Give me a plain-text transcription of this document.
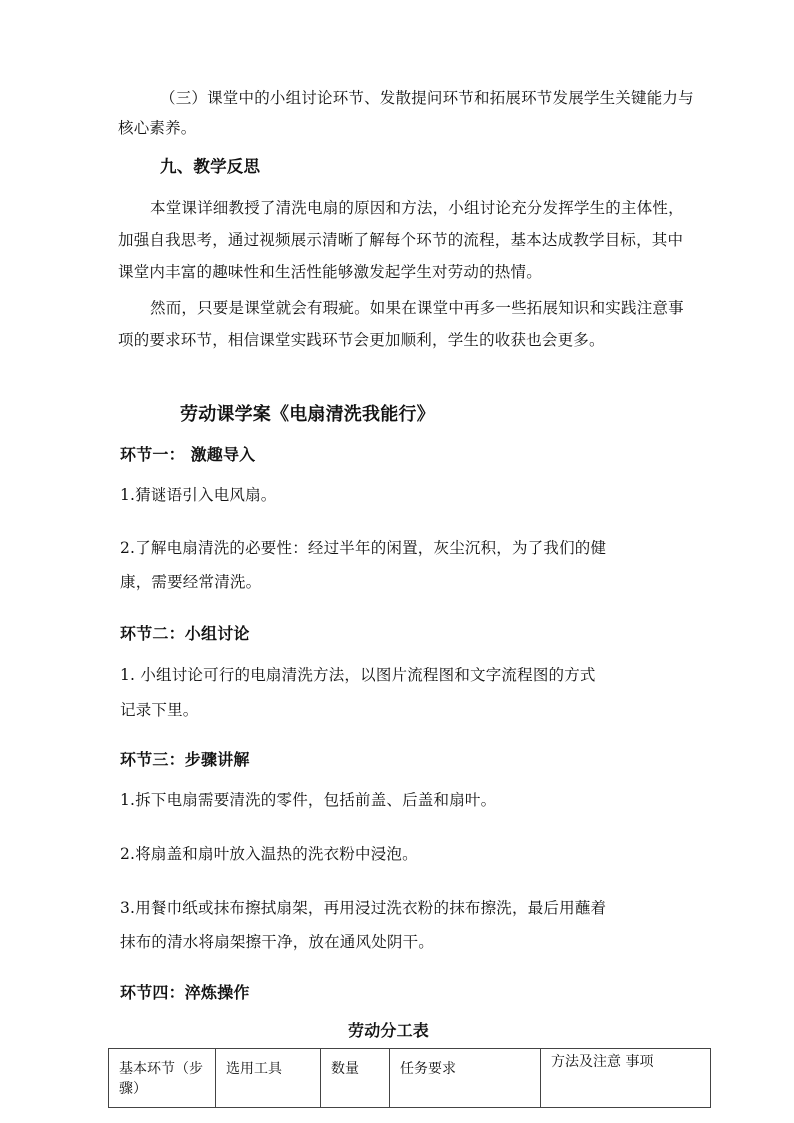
（三）课堂中的小组讨论环节、发散提问环节和拓展环节发展学生关键能力与
核心素养。
九、教学反思
本堂课详细教授了清洗电扇的原因和方法，小组讨论充分发挥学生的主体性，
加强自我思考，通过视频展示清晰了解每个环节的流程，基本达成教学目标，其中
课堂内丰富的趣味性和生活性能够激发起学生对劳动的热情。
然而，只要是课堂就会有瑕疵。如果在课堂中再多一些拓展知识和实践注意事
项的要求环节，相信课堂实践环节会更加顺利，学生的收获也会更多。
劳动课学案《电扇清洗我能行》
环节一： 激趣导入
1.猜谜语引入电风扇。
2.了解电扇清洗的必要性：经过半年的闲置，灰尘沉积，为了我们的健
康，需要经常清洗。
环节二：小组讨论
1. 小组讨论可行的电扇清洗方法，以图片流程图和文字流程图的方式
记录下里。
环节三：步骤讲解
1.拆下电扇需要清洗的零件，包括前盖、后盖和扇叶。
2.将扇盖和扇叶放入温热的洗衣粉中浸泡。
3.用餐巾纸或抹布擦拭扇架，再用浸过洗衣粉的抹布擦洗，最后用蘸着
抹布的清水将扇架擦干净，放在通风处阴干。
环节四：淬炼操作
劳动分工表
基本环节（步骤）	选用工具	数量	任务要求	方法及注意 事项
